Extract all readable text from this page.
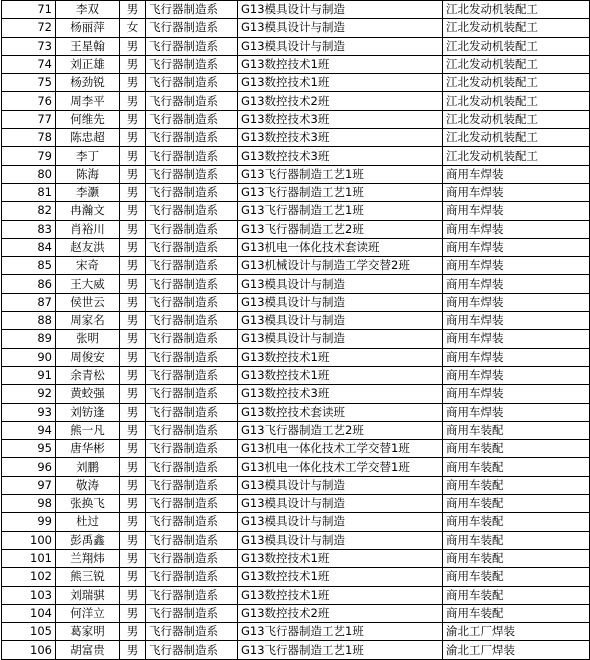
71	李双	男	飞行器制造系	G13模具设计与制造	江北发动机装配工
72	杨丽萍	女	飞行器制造系	G13模具设计与制造	江北发动机装配工
73	王星翰	男	飞行器制造系	G13模具设计与制造	江北发动机装配工
74	刘正雄	男	飞行器制造系	G13数控技术1班	江北发动机装配工
75	杨劲锐	男	飞行器制造系	G13数控技术1班	江北发动机装配工
76	周李平	男	飞行器制造系	G13数控技术2班	江北发动机装配工
77	何维先	男	飞行器制造系	G13数控技术3班	江北发动机装配工
78	陈忠超	男	飞行器制造系	G13数控技术3班	江北发动机装配工
79	李丁	男	飞行器制造系	G13数控技术3班	江北发动机装配工
80	陈海	男	飞行器制造系	G13飞行器制造工艺1班	商用车焊装
81	李灏	男	飞行器制造系	G13飞行器制造工艺1班	商用车焊装
82	冉瀚文	男	飞行器制造系	G13飞行器制造工艺1班	商用车焊装
83	肖裕川	男	飞行器制造系	G13飞行器制造工艺2班	商用车焊装
84	赵友洪	男	飞行器制造系	G13机电一体化技术套读班	商用车焊装
85	宋奇	男	飞行器制造系	G13机械设计与制造工学交替2班	商用车焊装
86	王大威	男	飞行器制造系	G13模具设计与制造	商用车焊装
87	侯世云	男	飞行器制造系	G13模具设计与制造	商用车焊装
88	周家名	男	飞行器制造系	G13模具设计与制造	商用车焊装
89	张明	男	飞行器制造系	G13模具设计与制造	商用车焊装
90	周俊安	男	飞行器制造系	G13数控技术1班	商用车焊装
91	余青松	男	飞行器制造系	G13数控技术1班	商用车焊装
92	黄蛟强	男	飞行器制造系	G13数控技术3班	商用车焊装
93	刘钫逢	男	飞行器制造系	G13数控技术套读班	商用车焊装
94	熊一凡	男	飞行器制造系	G13飞行器制造工艺2班	商用车装配
95	唐华彬	男	飞行器制造系	G13机电一体化技术工学交替1班	商用车装配
96	刘鹏	男	飞行器制造系	G13机电一体化技术工学交替1班	商用车装配
97	敬涛	男	飞行器制造系	G13模具设计与制造	商用车装配
98	张换飞	男	飞行器制造系	G13模具设计与制造	商用车装配
99	杜过	男	飞行器制造系	G13模具设计与制造	商用车装配
100	彭禹鑫	男	飞行器制造系	G13模具设计与制造	商用车装配
101	兰翔炜	男	飞行器制造系	G13数控技术1班	商用车装配
102	熊三锐	男	飞行器制造系	G13数控技术1班	商用车装配
103	刘瑞骐	男	飞行器制造系	G13数控技术1班	商用车装配
104	何洋立	男	飞行器制造系	G13数控技术2班	商用车装配
105	葛家明	男	飞行器制造系	G13飞行器制造工艺1班	渝北工厂焊装
106	胡富贵	男	飞行器制造系	G13飞行器制造工艺1班	渝北工厂焊装
